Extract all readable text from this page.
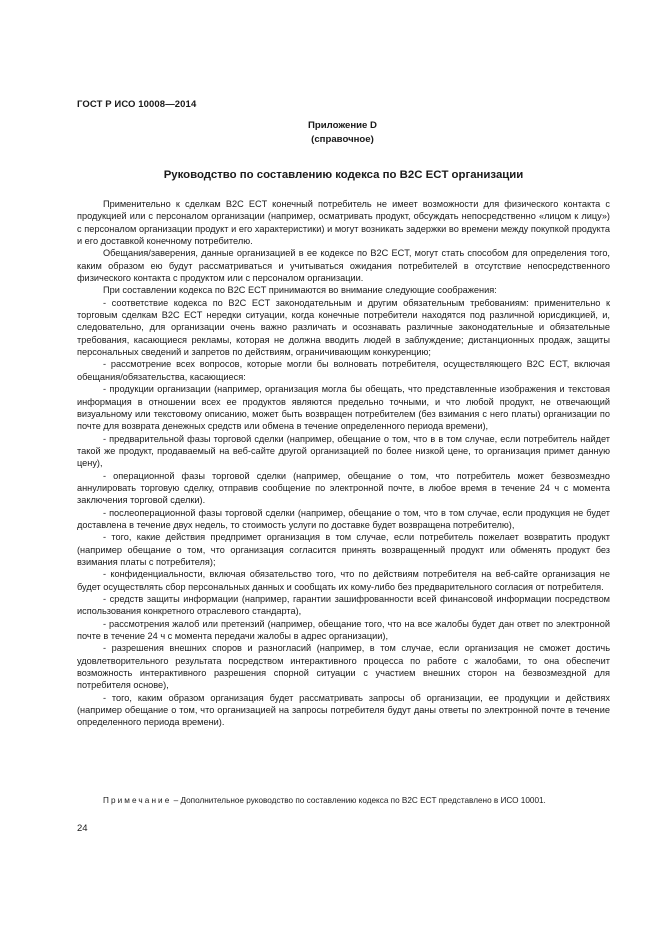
ГОСТ Р ИСО 10008—2014
Приложение D
(справочное)
Руководство по составлению кодекса по B2C ECT организации

Применительно к сделкам B2C ECT конечный потребитель не имеет возможности для физического контакта с продукцией или с персоналом организации (например, осматривать продукт, обсуждать непосредственно «лицом к лицу») с персоналом организации продукт и его характеристики) и могут возникать задержки во времени между покупкой продукта и его доставкой конечному потребителю.

Обещания/заверения, данные организацией в ее кодексе по B2C ECT, могут стать способом для определения того, каким образом ею будут рассматриваться и учитываться ожидания потребителей в отсутствие непосредственного физического контакта с продуктом или с персоналом организации.

При составлении кодекса по B2C ECT принимаются во внимание следующие соображения:

- соответствие кодекса по B2C ECT законодательным и другим обязательным требованиям: применительно к торговым сделкам B2C ECT нередки ситуации, когда конечные потребители находятся под различной юрисдикцией, и, следовательно, для организации очень важно различать и осознавать различные законодательные и обязательные требования, касающиеся рекламы, которая не должна вводить людей в заблуждение; дистанционных продаж, защиты персональных сведений и запретов по действиям, ограничивающим конкуренцию;

- рассмотрение всех вопросов, которые могли бы волновать потребителя, осуществляющего B2C ECT, включая обещания/обязательства, касающиеся:

- продукции организации (например, организация могла бы обещать, что представленные изображения и текстовая информация в отношении всех ее продуктов являются предельно точными, и что любой продукт, не отвечающий визуальному или текстовому описанию, может быть возвращен потребителем (без взимания с него платы) организации по почте для возврата денежных средств или обмена в течение определенного периода времени),

- предварительной фазы торговой сделки (например, обещание о том, что в в том случае, если потребитель найдет такой же продукт, продаваемый на веб-сайте другой организацией по более низкой цене, то организация примет данную цену),

- операционной фазы торговой сделки (например, обещание о том, что потребитель может безвозмездно аннулировать торговую сделку, отправив сообщение по электронной почте, в любое время в течение 24 ч с момента заключения торговой сделки).

- послеоперационной фазы торговой сделки (например, обещание о том, что в том случае, если продукция не будет доставлена в течение двух недель, то стоимость услуги по доставке будет возвращена потребителю),

- того, какие действия предпримет организация в том случае, если потребитель пожелает возвратить продукт (например обещание о том, что организация согласится принять возвращенный продукт или обменять продукт без взимания платы с потребителя);

- конфиденциальности, включая обязательство того, что по действиям потребителя на веб-сайте организация не будет осуществлять сбор персональных данных и сообщать их кому-либо без предварительного согласия от потребителя.

- средств защиты информации (например, гарантии зашифрованности всей финансовой информации посредством использования конкретного отраслевого стандарта),

- рассмотрения жалоб или претензий (например, обещание того, что на все жалобы будет дан ответ по электронной почте в течение 24 ч с момента передачи жалобы в адрес организации),

- разрешения внешних споров и разногласий (например, в том случае, если организация не сможет достичь удовлетворительного результата посредством интерактивного процесса по работе с жалобами, то она обеспечит возможность интерактивного разрешения спорной ситуации с участием внешних сторон на безвозмездной для потребителя основе),

- того, каким образом организация будет рассматривать запросы об организации, ее продукции и действиях (например обещание о том, что организацией на запросы потребителя будут даны ответы по электронной почте в течение определенного периода времени).

Примечание – Дополнительное руководство по составлению кодекса по B2C ECT представлено в ИСО 10001.
24
